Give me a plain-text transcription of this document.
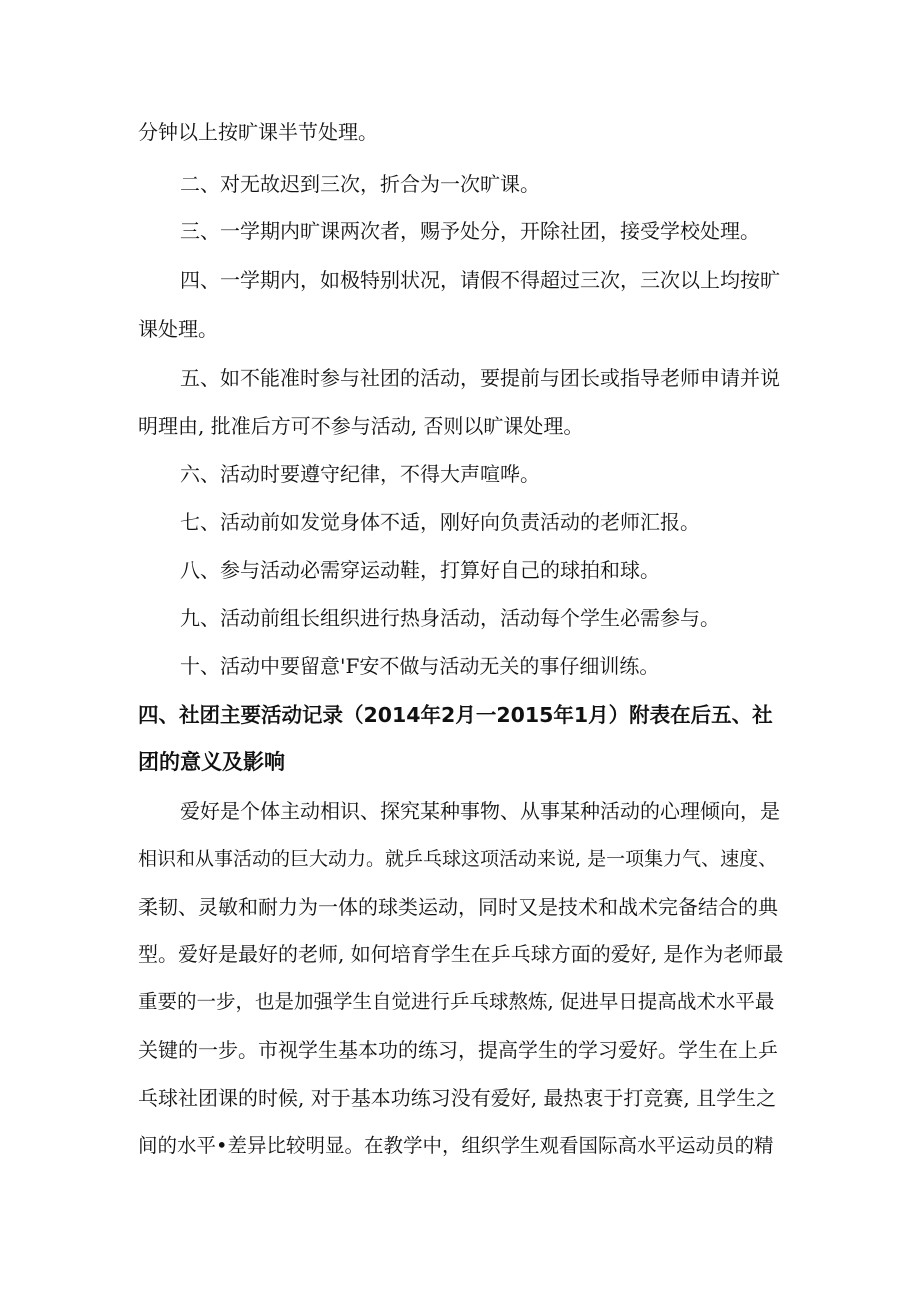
分钟以上按旷课半节处理。
二、对无故迟到三次，折合为一次旷课。
三、一学期内旷课两次者，赐予处分，开除社团，接受学校处理。
四、一学期内，如极特别状况，请假不得超过三次，三次以上均按旷
课处理。
五、如不能准时参与社团的活动，要提前与团长或指导老师申请并说
明理由, 批准后方可不参与活动, 否则以旷课处理。
六、活动时要遵守纪律，不得大声喧哗。
七、活动前如发觉身体不适，刚好向负责活动的老师汇报。
八、参与活动必需穿运动鞋，打算好自己的球拍和球。
九、活动前组长组织进行热身活动，活动每个学生必需参与。
十、活动中要留意'F安不做与活动无关的事仔细训练。
四、社团主要活动记录（2014年2月一2015年1月）附表在后五、社
团的意义及影响
爱好是个体主动相识、探究某种事物、从事某种活动的心理倾向，是
相识和从事活动的巨大动力。就乒乓球这项活动来说, 是一项集力气、速度、
柔韧、灵敏和耐力为一体的球类运动，同时又是技术和战术完备结合的典
型。爱好是最好的老师, 如何培育学生在乒乓球方面的爱好, 是作为老师最
重要的一步，也是加强学生自觉进行乒乓球熬炼, 促进早日提高战术水平最
关键的一步。市视学生基本功的练习，提高学生的学习爱好。学生在上乒
乓球社团课的时候, 对于基本功练习没有爱好, 最热衷于打竞赛, 且学生之
间的水平•差异比较明显。在教学中，组织学生观看国际高水平运动员的精
